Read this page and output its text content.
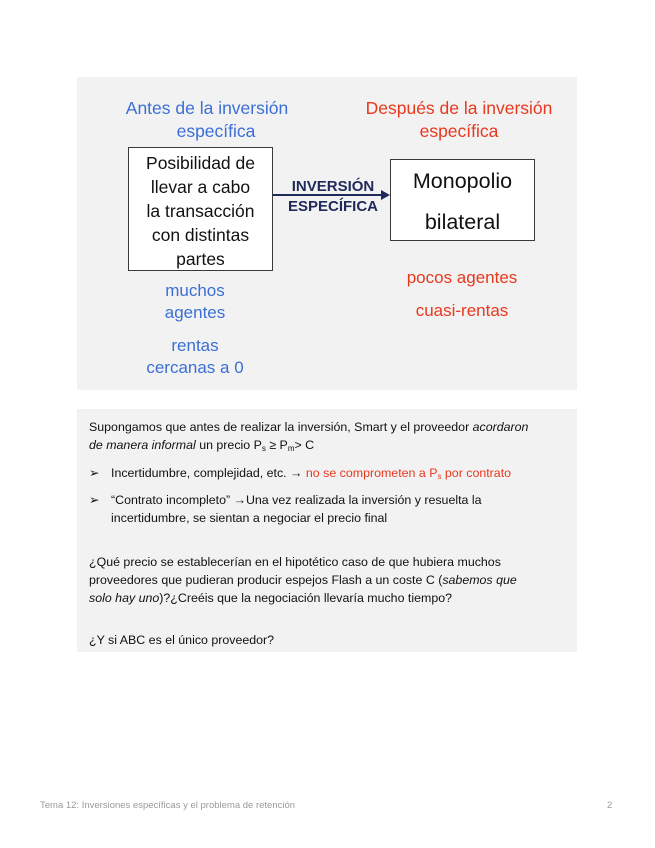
Antes de la inversión
específica
Después de la inversión
específica
Posibilidad de
llevar a cabo
la transacción
con distintas
partes
INVERSIÓN
ESPECÍFICA
Monopolio
bilateral
muchos
agentes
rentas
cercanas a 0
pocos agentes
cuasi-rentas
Supongamos que antes de realizar la inversión, Smart y el proveedor acordaron
de manera informal un precio $P_s \ge P_m> C$
➢ Incertidumbre, complejidad, etc. → no se comprometen a $P_s$ por contrato
➢ “Contrato incompleto” →Una vez realizada la inversión y resuelta la
incertidumbre, se sientan a negociar el precio final
¿Qué precio se establecerían en el hipotético caso de que hubiera muchos
proveedores que pudieran producir espejos Flash a un coste C (sabemos que
solo hay uno)?¿Creéis que la negociación llevaría mucho tiempo?
¿Y si ABC es el único proveedor?
Tema 12: Inversiones específicas y el problema de retención	2
